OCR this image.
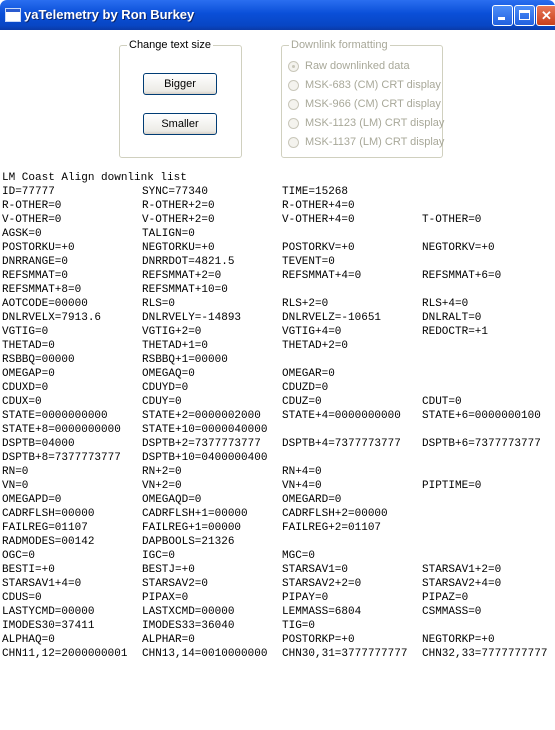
yaTelemetry by Ron Burkey	✕
Change text size
Bigger
Smaller
Downlink formatting
Raw downlinked data
MSK-683 (CM) CRT display
MSK-966 (CM) CRT display
MSK-1123 (LM) CRT display
MSK-1137 (LM) CRT display
LM Coast Align downlink list
ID=77777	SYNC=77340	TIME=15268
R-OTHER=0	R-OTHER+2=0	R-OTHER+4=0
V-OTHER=0	V-OTHER+2=0	V-OTHER+4=0	T-OTHER=0
AGSK=0	TALIGN=0
POSTORKU=+0	NEGTORKU=+0	POSTORKV=+0	NEGTORKV=+0
DNRRANGE=0	DNRRDOT=4821.5	TEVENT=0
REFSMMAT=0	REFSMMAT+2=0	REFSMMAT+4=0	REFSMMAT+6=0
REFSMMAT+8=0	REFSMMAT+10=0
AOTCODE=00000	RLS=0	RLS+2=0	RLS+4=0
DNLRVELX=7913.6	DNLRVELY=-14893	DNLRVELZ=-10651	DNLRALT=0
VGTIG=0	VGTIG+2=0	VGTIG+4=0	REDOCTR=+1
THETAD=0	THETAD+1=0	THETAD+2=0
RSBBQ=00000	RSBBQ+1=00000
OMEGAP=0	OMEGAQ=0	OMEGAR=0
CDUXD=0	CDUYD=0	CDUZD=0
CDUX=0	CDUY=0	CDUZ=0	CDUT=0
STATE=0000000000	STATE+2=0000002000 STATE+4=0000000000 STATE+6=0000000100
STATE+8=0000000000 STATE+10=0000040000
DSPTB=04000	DSPTB+2=7377773777 DSPTB+4=7377773777 DSPTB+6=7377773777
DSPTB+8=7377773777 DSPTB+10=0400000400
RN=0	RN+2=0	RN+4=0
VN=0	VN+2=0	VN+4=0	PIPTIME=0
OMEGAPD=0	OMEGAQD=0	OMEGARD=0
CADRFLSH=00000	CADRFLSH+1=00000	CADRFLSH+2=00000
FAILREG=01107	FAILREG+1=00000	FAILREG+2=01107
RADMODES=00142	DAPBOOLS=21326
OGC=0	IGC=0	MGC=0
BESTI=+0	BESTJ=+0	STARSAV1=0	STARSAV1+2=0
STARSAV1+4=0	STARSAV2=0	STARSAV2+2=0	STARSAV2+4=0
CDUS=0	PIPAX=0	PIPAY=0	PIPAZ=0
LASTYCMD=00000	LASTXCMD=00000	LEMMASS=6804	CSMMASS=0
IMODES30=37411	IMODES33=36040	TIG=0
ALPHAQ=0	ALPHAR=0	POSTORKP=+0	NEGTORKP=+0
CHN11,12=2000000001 CHN13,14=0010000000 CHN30,31=3777777777 CHN32,33=7777777777
